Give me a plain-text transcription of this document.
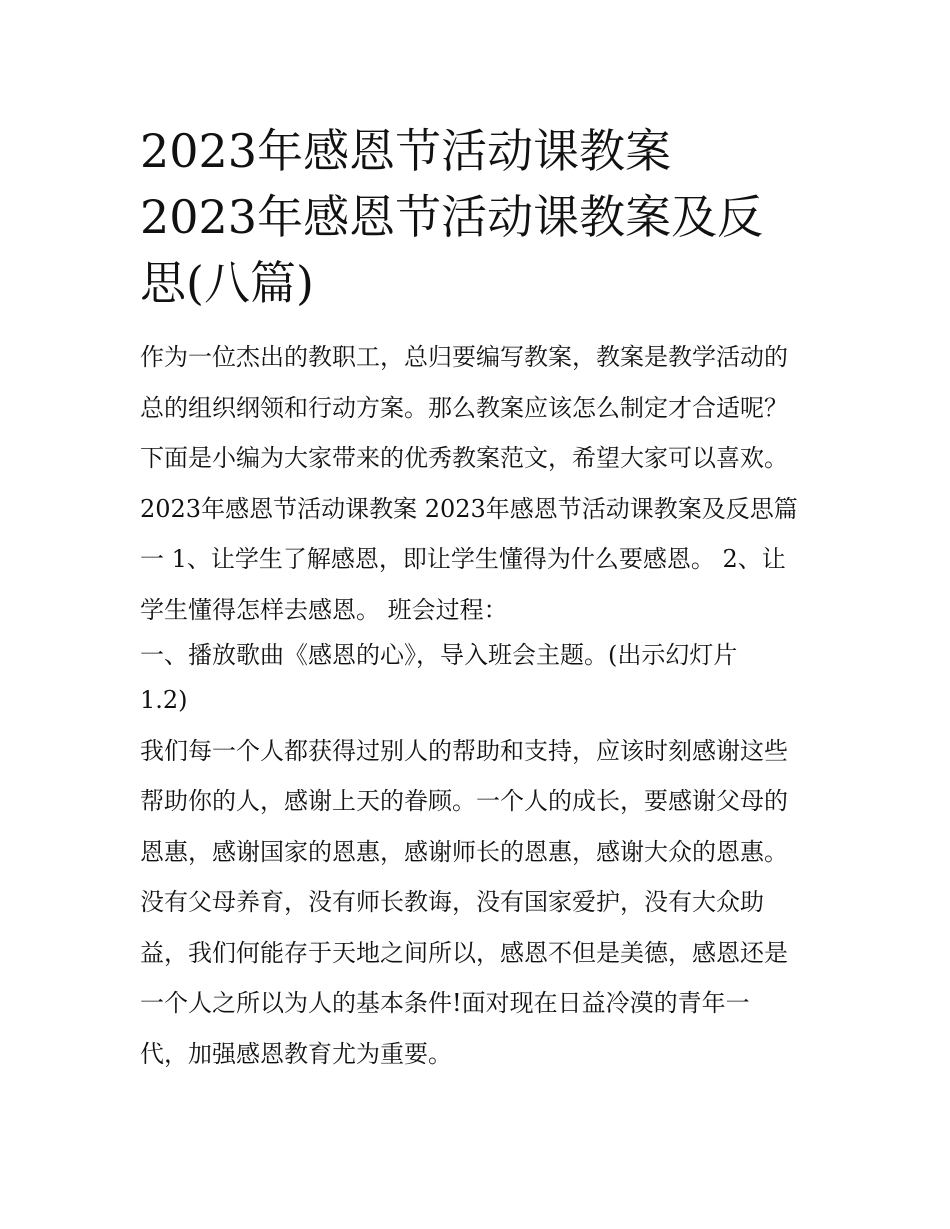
2023年感恩节活动课教案
2023年感恩节活动课教案及反
思(八篇)
作为一位杰出的教职工，总归要编写教案，教案是教学活动的
总的组织纲领和行动方案。那么教案应该怎么制定才合适呢？
下面是小编为大家带来的优秀教案范文，希望大家可以喜欢。
2023年感恩节活动课教案 2023年感恩节活动课教案及反思篇
一 1、让学生了解感恩，即让学生懂得为什么要感恩。 2、让
学生懂得怎样去感恩。 班会过程：
一、播放歌曲《感恩的心》，导入班会主题。(出示幻灯片
1.2)
我们每一个人都获得过别人的帮助和支持，应该时刻感谢这些
帮助你的人，感谢上天的眷顾。一个人的成长，要感谢父母的
恩惠，感谢国家的恩惠，感谢师长的恩惠，感谢大众的恩惠。
没有父母养育，没有师长教诲，没有国家爱护，没有大众助
益，我们何能存于天地之间所以，感恩不但是美德，感恩还是
一个人之所以为人的基本条件!面对现在日益冷漠的青年一
代，加强感恩教育尤为重要。
